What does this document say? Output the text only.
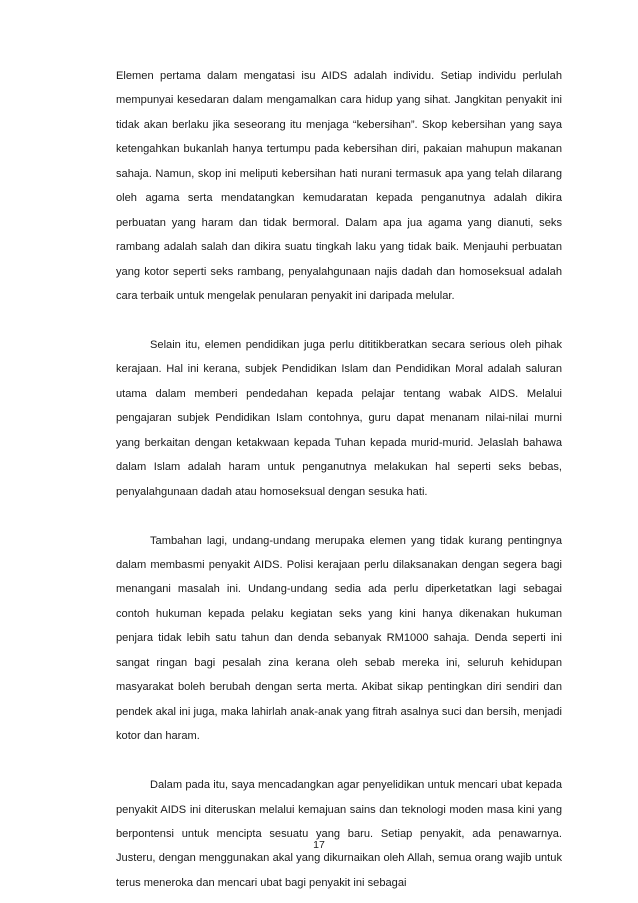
Elemen pertama dalam mengatasi isu AIDS adalah individu. Setiap individu perlulah mempunyai kesedaran dalam mengamalkan cara hidup yang sihat. Jangkitan penyakit ini tidak akan berlaku jika seseorang itu menjaga “kebersihan”. Skop kebersihan yang saya ketengahkan bukanlah hanya tertumpu pada kebersihan diri, pakaian mahupun makanan sahaja. Namun, skop ini meliputi kebersihan hati nurani termasuk apa yang telah dilarang oleh agama serta mendatangkan kemudaratan kepada penganutnya adalah dikira perbuatan yang haram dan tidak bermoral. Dalam apa jua agama yang dianuti, seks rambang adalah salah dan dikira suatu tingkah laku yang tidak baik. Menjauhi perbuatan yang kotor seperti seks rambang, penyalahgunaan najis dadah dan homoseksual adalah cara terbaik untuk mengelak penularan penyakit ini daripada melular.

Selain itu, elemen pendidikan juga perlu dititikberatkan secara serious oleh pihak kerajaan. Hal ini kerana, subjek Pendidikan Islam dan Pendidikan Moral adalah saluran utama dalam memberi pendedahan kepada pelajar tentang wabak AIDS. Melalui pengajaran subjek Pendidikan Islam contohnya, guru dapat menanam nilai-nilai murni yang berkaitan dengan ketakwaan kepada Tuhan kepada murid-murid. Jelaslah bahawa dalam Islam adalah haram untuk penganutnya melakukan hal seperti seks bebas, penyalahgunaan dadah atau homoseksual dengan sesuka hati.

Tambahan lagi, undang-undang merupaka elemen yang tidak kurang pentingnya dalam membasmi penyakit AIDS. Polisi kerajaan perlu dilaksanakan dengan segera bagi menangani masalah ini. Undang-undang sedia ada perlu diperketatkan lagi sebagai contoh hukuman kepada pelaku kegiatan seks yang kini hanya dikenakan hukuman penjara tidak lebih satu tahun dan denda sebanyak RM1000 sahaja. Denda seperti ini sangat ringan bagi pesalah zina kerana oleh sebab mereka ini, seluruh kehidupan masyarakat boleh berubah dengan serta merta. Akibat sikap pentingkan diri sendiri dan pendek akal ini juga, maka lahirlah anak-anak yang fitrah asalnya suci dan bersih, menjadi kotor dan haram.

Dalam pada itu, saya mencadangkan agar penyelidikan untuk mencari ubat kepada penyakit AIDS ini diteruskan melalui kemajuan sains dan teknologi moden masa kini yang berpontensi untuk mencipta sesuatu yang baru. Setiap penyakit, ada penawarnya. Justeru, dengan menggunakan akal yang dikurnaikan oleh Allah, semua orang wajib untuk terus meneroka dan mencari ubat bagi penyakit ini sebagai

17
